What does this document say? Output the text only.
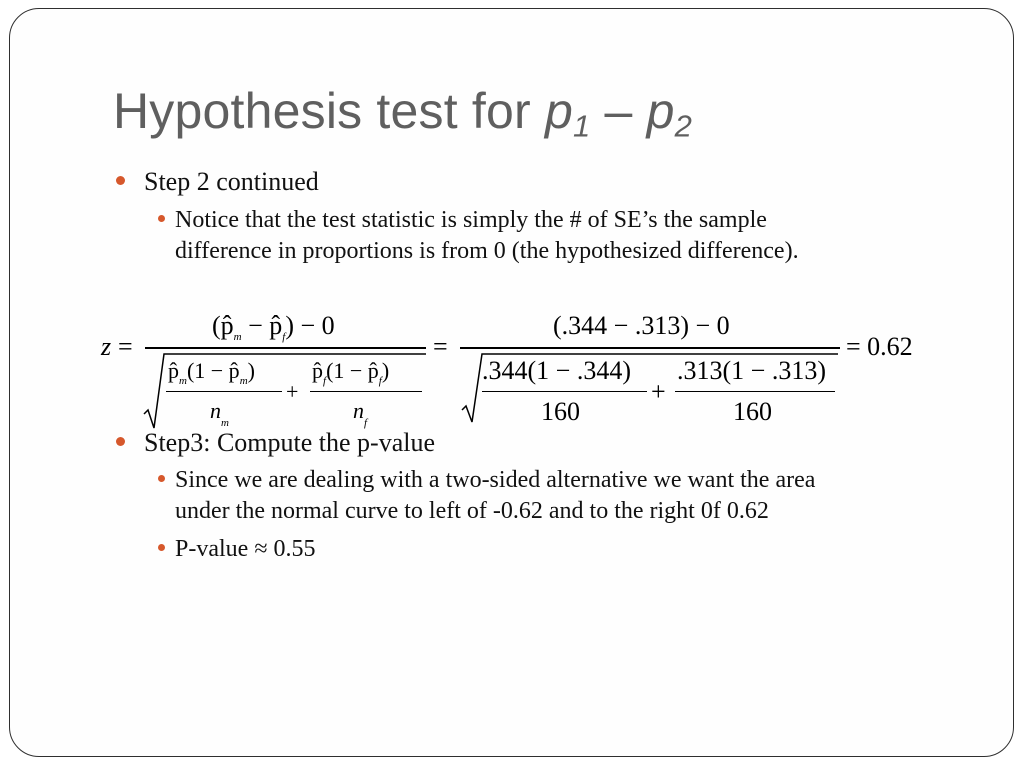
Hypothesis test for $p_1 - p_2$
Step 2 continued
Notice that the test statistic is simply the # of SE’s the sample
difference in proportions is from 0 (the hypothesized difference).
z =
($p̂_m$ − $p̂_f) - 0$
$p̂_m(1$ − $p̂_m$)
$n_m$
+
$p̂_f(1$ − $p̂_f$)
$n_f$
=
(.344 − .313) − 0
.344(1 − .344)
160
+
.313(1 − .313)
160
= 0.62
Step3: Compute the p-value
Since we are dealing with a two-sided alternative we want the area
under the normal curve to left of -0.62 and to the right 0f 0.62
P-value ≈ 0.55
